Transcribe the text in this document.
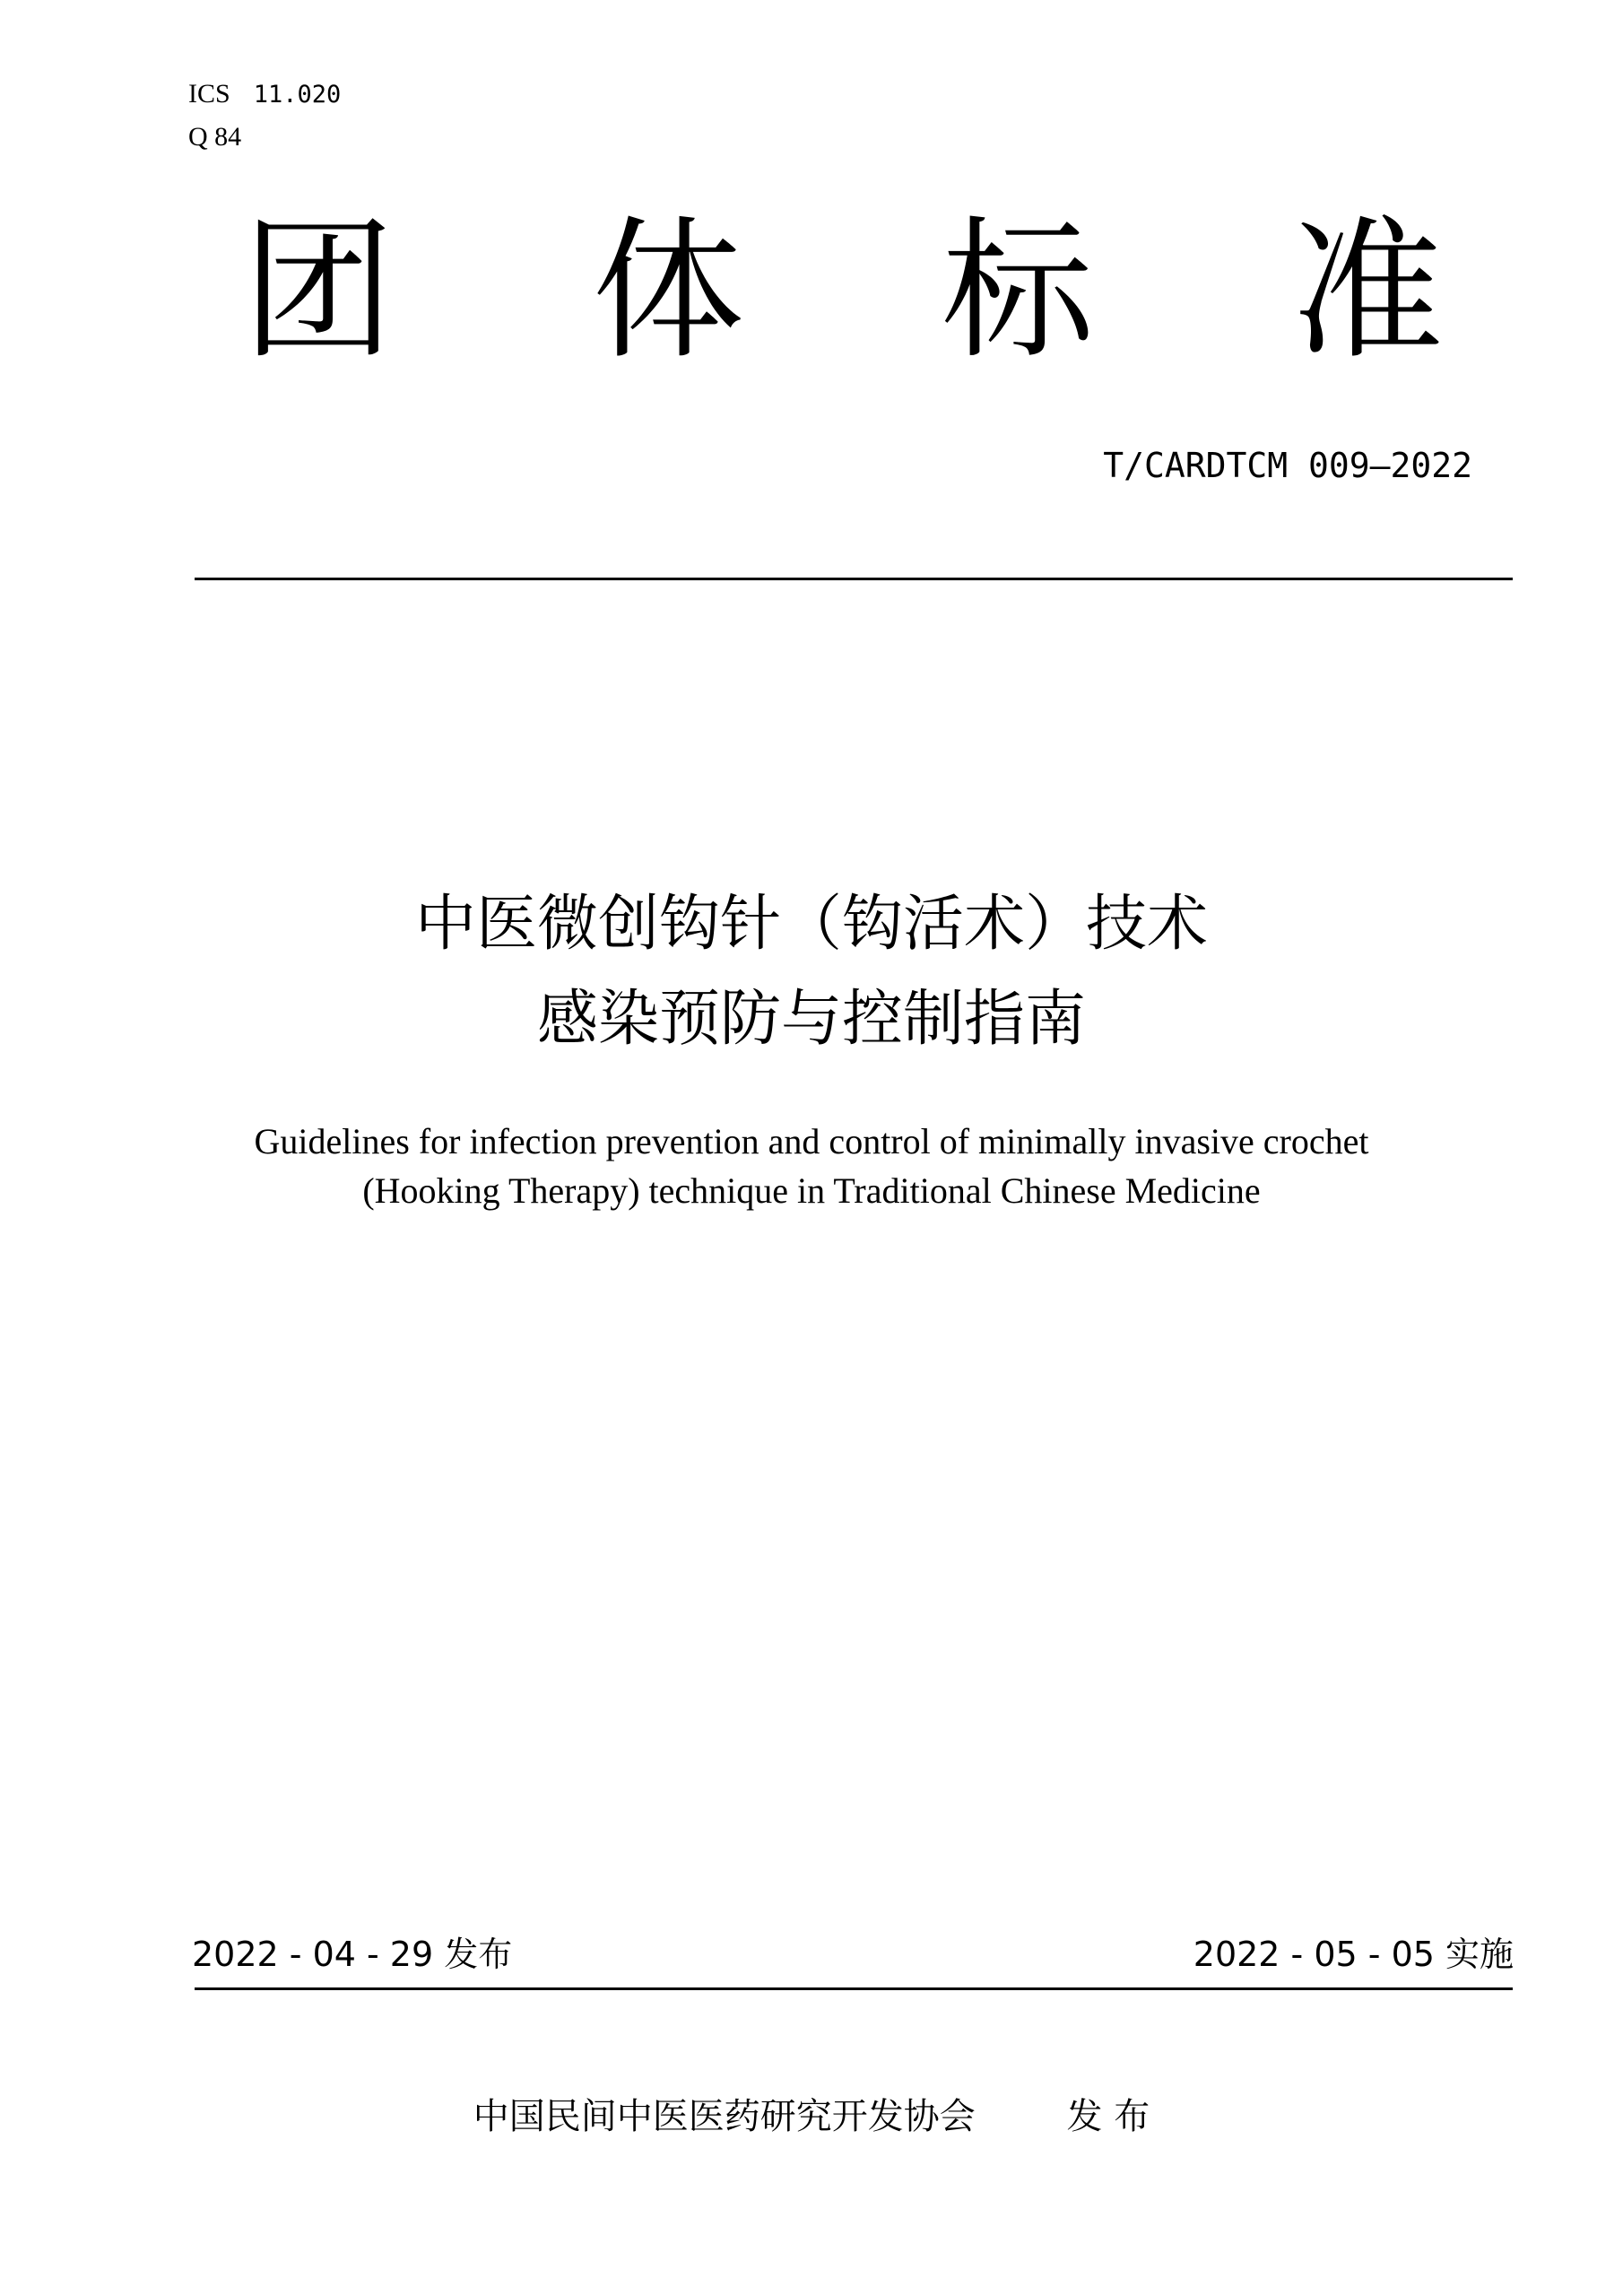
ICS 11.020
Q 84
团 体 标 准
T/CARDTCM 009—2022
中医微创钩针（钩活术）技术
感染预防与控制指南
Guidelines for infection prevention and control of minimally invasive crochet
(Hooking Therapy) technique in Traditional Chinese Medicine
2022 - 04 - 29 发布	2022 - 05 - 05 实施
中国民间中医医药研究开发协会	发 布
